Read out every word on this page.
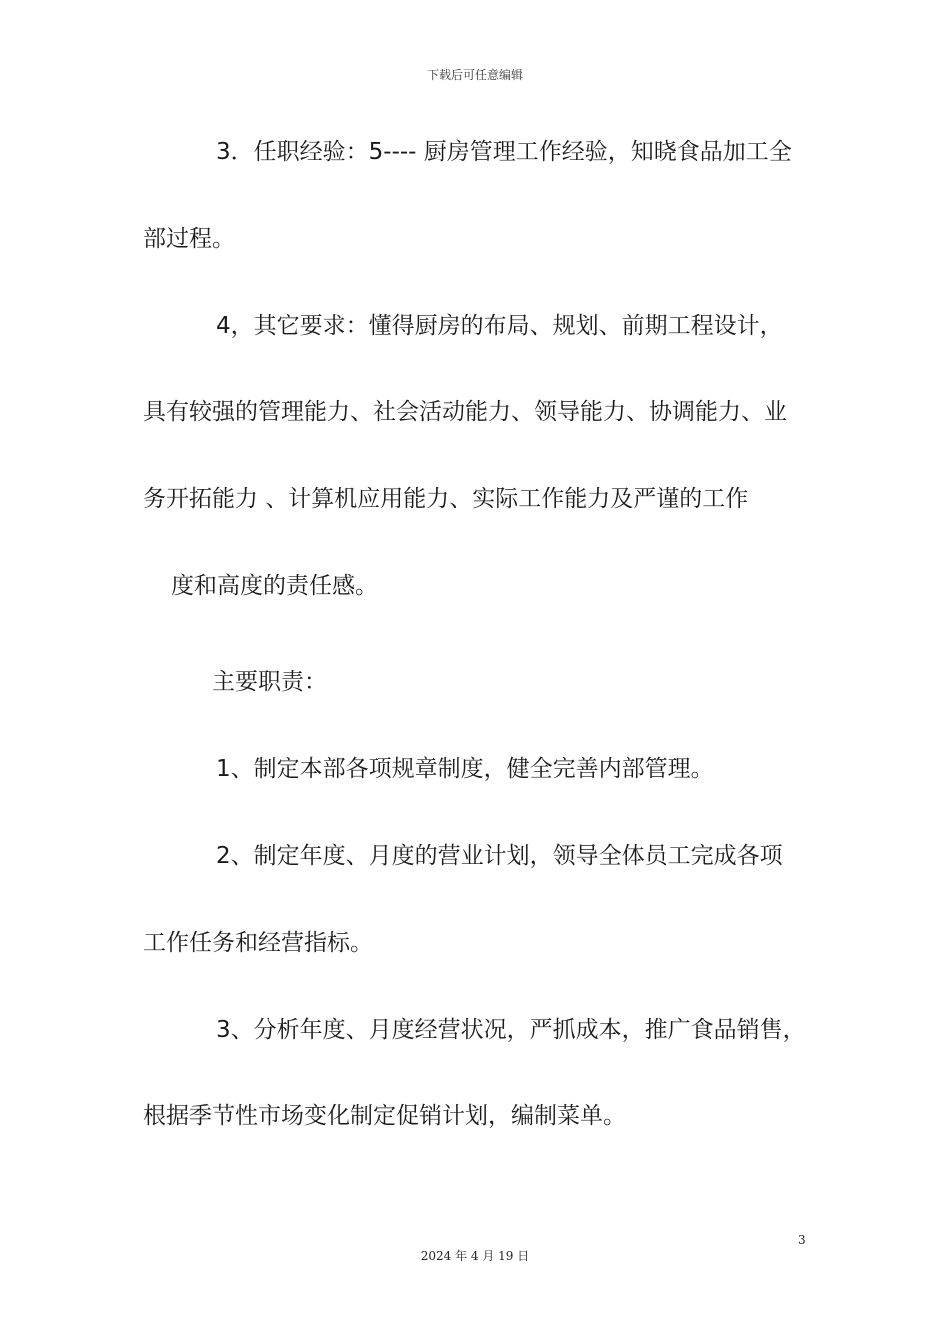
下载后可任意编辑
3．任职经验：5---- 厨房管理工作经验，知晓食品加工全
部过程。
4，其它要求：懂得厨房的布局、规划、前期工程设计，
具有较强的管理能力、社会活动能力、领导能力、协调能力、业
务开拓能力 、计算机应用能力、实际工作能力及严谨的工作
度和高度的责任感。
主要职责：
1、制定本部各项规章制度，健全完善内部管理。
2、制定年度、月度的营业计划，领导全体员工完成各项
工作任务和经营指标。
3、分析年度、月度经营状况，严抓成本，推广食品销售，
根据季节性市场变化制定促销计划，编制菜单。
3
2024 年 4 月 19 日
